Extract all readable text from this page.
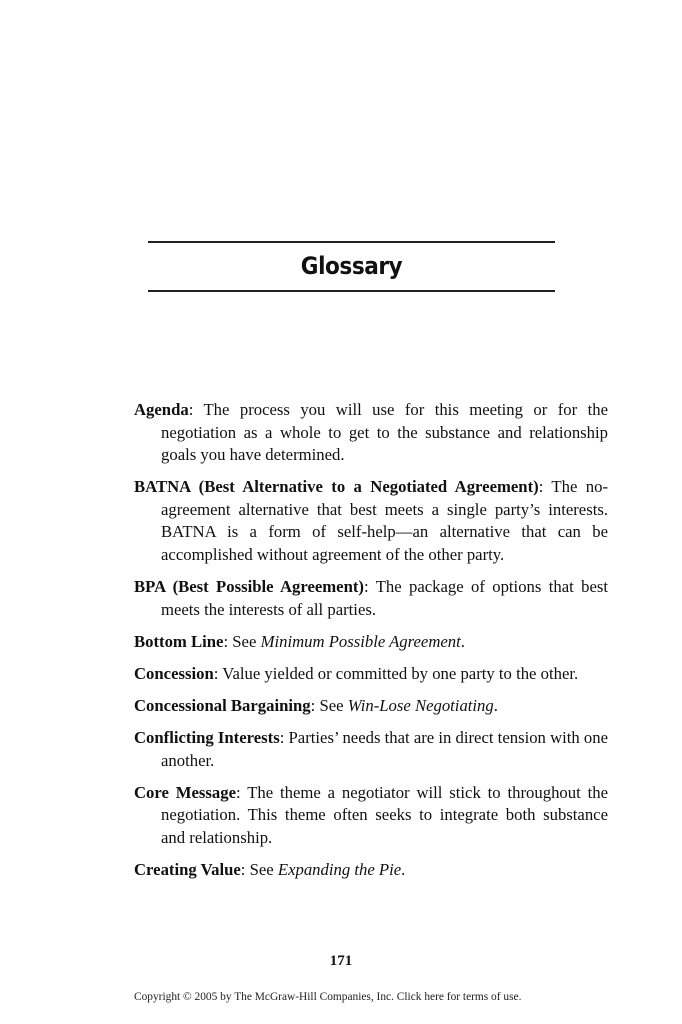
Glossary

Agenda: The process you will use for this meeting or for the negotiation as a whole to get to the substance and relationship goals you have determined.

BATNA (Best Alternative to a Negotiated Agreement): The no-agreement alternative that best meets a single party’s interests. BATNA is a form of self-help—an alternative that can be accomplished without agreement of the other party.

BPA (Best Possible Agreement): The package of options that best meets the interests of all parties.

Bottom Line: See Minimum Possible Agreement.

Concession: Value yielded or committed by one party to the other.

Concessional Bargaining: See Win-Lose Negotiating.

Conflicting Interests: Parties’ needs that are in direct tension with one another.

Core Message: The theme a negotiator will stick to throughout the negotiation. This theme often seeks to integrate both substance and relationship.

Creating Value: See Expanding the Pie.

171
Copyright © 2005 by The McGraw-Hill Companies, Inc. Click here for terms of use.
